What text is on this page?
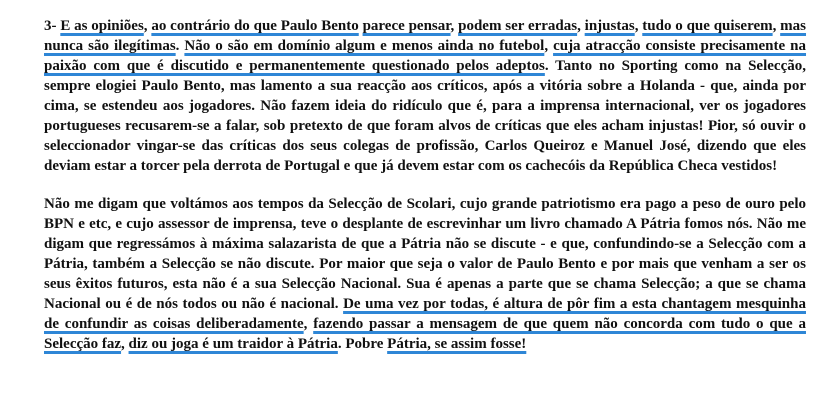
3- E as opiniões, ao contrário do que Paulo Bento parece pensar, podem ser erradas, injustas, tudo o que quiserem, mas nunca são ilegítimas. Não o são em domínio algum e menos ainda no futebol, cuja atracção consiste precisamente na paixão com que é discutido e permanentemente questionado pelos adeptos. Tanto no Sporting como na Selecção, sempre elogiei Paulo Bento, mas lamento a sua reacção aos críticos, após a vitória sobre a Holanda - que, ainda por cima, se estendeu aos jogadores. Não fazem ideia do ridículo que é, para a imprensa internacional, ver os jogadores portugueses recusarem-se a falar, sob pretexto de que foram alvos de críticas que eles acham injustas! Pior, só ouvir o seleccionador vingar-se das críticas dos seus colegas de profissão, Carlos Queiroz e Manuel José, dizendo que eles deviam estar a torcer pela derrota de Portugal e que já devem estar com os cachecóis da República Checa vestidos!

Não me digam que voltámos aos tempos da Selecção de Scolari, cujo grande patriotismo era pago a peso de ouro pelo BPN e etc, e cujo assessor de imprensa, teve o desplante de escrevinhar um livro chamado A Pátria fomos nós. Não me digam que regressámos à máxima salazarista de que a Pátria não se discute - e que, confundindo-se a Selecção com a Pátria, também a Selecção se não discute. Por maior que seja o valor de Paulo Bento e por mais que venham a ser os seus êxitos futuros, esta não é a sua Selecção Nacional. Sua é apenas a parte que se chama Selecção; a que se chama Nacional ou é de nós todos ou não é nacional. De uma vez por todas, é altura de pôr fim a esta chantagem mesquinha de confundir as coisas deliberadamente, fazendo passar a mensagem de que quem não concorda com tudo o que a Selecção faz, diz ou joga é um traidor à Pátria. Pobre Pátria, se assim fosse!
